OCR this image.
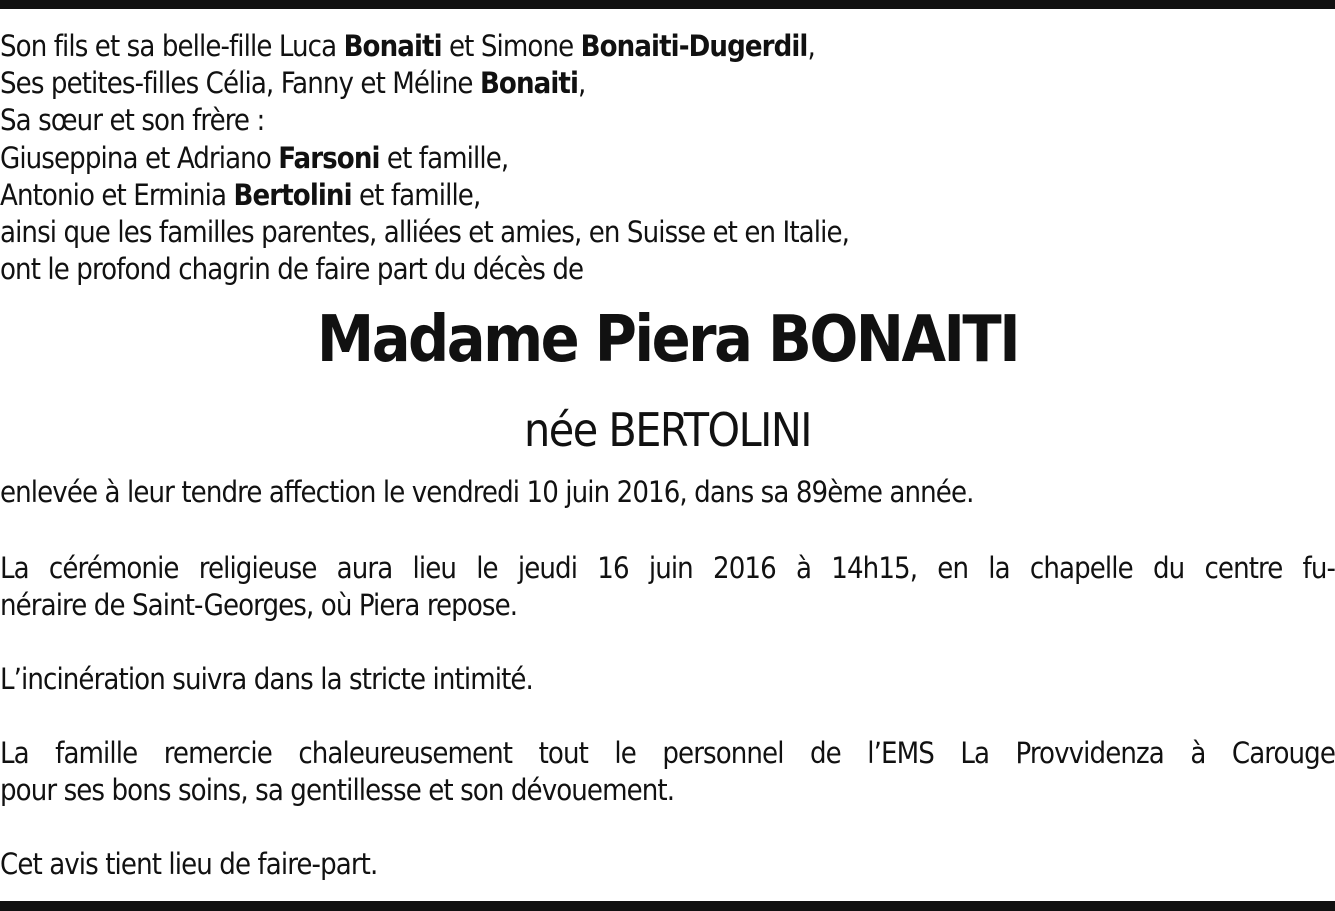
Son fils et sa belle-fille Luca Bonaiti et Simone Bonaiti-Dugerdil,
Ses petites-filles Célia, Fanny et Méline Bonaiti,
Sa sœur et son frère :
Giuseppina et Adriano Farsoni et famille,
Antonio et Erminia Bertolini et famille,
ainsi que les familles parentes, alliées et amies, en Suisse et en Italie,
ont le profond chagrin de faire part du décès de
Madame Piera BONAITI
née BERTOLINI
enlevée à leur tendre affection le vendredi 10 juin 2016, dans sa 89ème année.
La cérémonie religieuse aura lieu le jeudi 16 juin 2016 à 14h15, en la chapelle du centre fu-
néraire de Saint-Georges, où Piera repose.
L’incinération suivra dans la stricte intimité.
La famille remercie chaleureusement tout le personnel de l’EMS La Provvidenza à Carouge
pour ses bons soins, sa gentillesse et son dévouement.
Cet avis tient lieu de faire-part.
